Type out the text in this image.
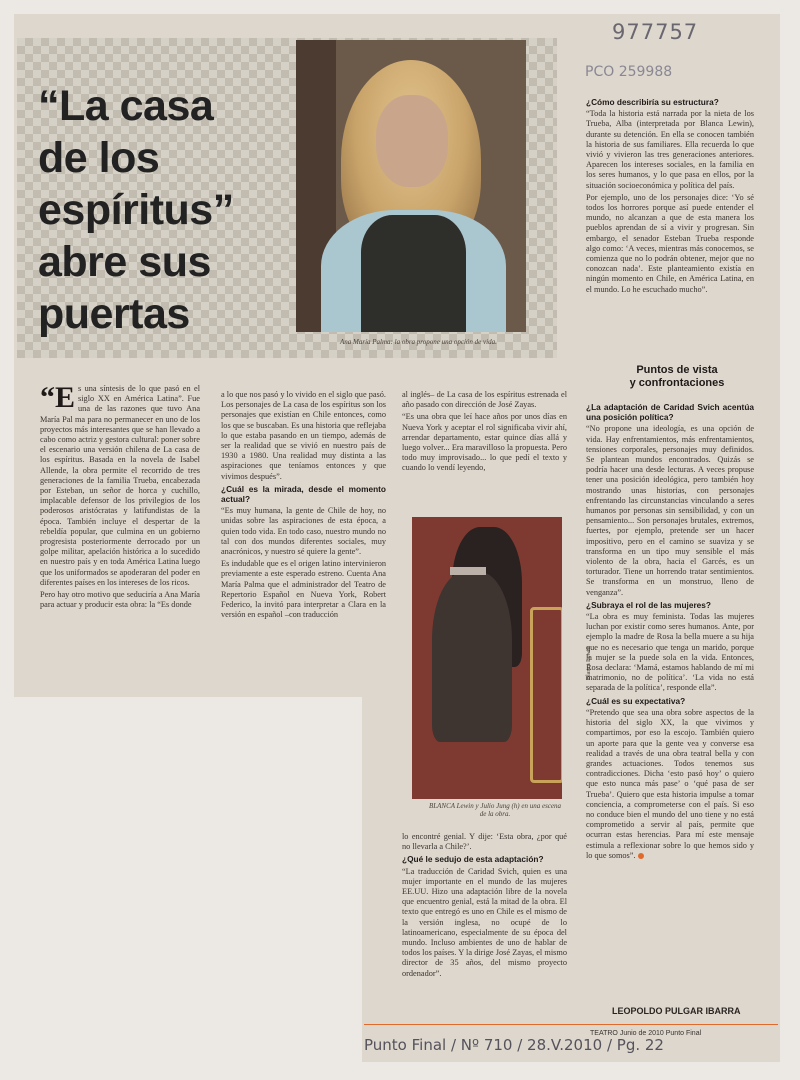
977757
PCO 259988
“La casa
de los
espíritus”
abre sus
puertas
Ana María Palma: la obra propone una opción de vida.

“Es una síntesis de lo que pasó en el siglo XX en América Latina”. Fue una de las razones que tuvo Ana María Pal ma para no permanecer en uno de los proyectos más interesantes que se han llevado a cabo como actriz y gestora cultural: poner sobre el escenario una versión chilena de La casa de los espíritus. Basada en la novela de Isabel Allende, la obra permite el recorrido de tres generaciones de la familia Trueba, encabezada por Esteban, un señor de horca y cuchillo, implacable defensor de los privilegios de los poderosos aristócratas y latifundistas de la época. También incluye el despertar de la rebeldía popular, que culmina en un gobierno progresista posteriormente derrocado por un golpe militar, apelación histórica a lo sucedido en nuestro país y en toda América Latina luego que los uniformados se apoderaran del poder en diferentes países en los intereses de los ricos.

Pero hay otro motivo que seduciría a Ana María para actuar y producir esta obra: la “Es donde

a lo que nos pasó y lo vivido en el siglo que pasó. Los personajes de La casa de los espíritus son los personajes que existían en Chile entonces, como los que se buscaban. Es una historia que reflejaba lo que estaba pasando en un tiempo, además de ser la realidad que se vivió en nuestro país de 1930 a 1980. Una realidad muy distinta a las aspiraciones que teníamos entonces y que vivimos después”.

¿Cuál es la mirada, desde el momento actual?

“Es muy humana, la gente de Chile de hoy, no unidas sobre las aspiraciones de esta época, a quien todo vida. En todo caso, nuestro mundo no tal con dos mundos diferentes sociales, muy anacrónicos, y nuestro sé quiere la gente”.

Es indudable que es el origen latino intervinieron previamente a este esperado estreno. Cuenta Ana María Palma que el administrador del Teatro de Repertorio Español en Nueva York, Robert Federico, la invitó para interpretar a Clara en la versión en español –con traducción

al inglés– de La casa de los espíritus estrenada el año pasado con dirección de José Zayas.

“Es una obra que leí hace años por unos días en Nueva York y aceptar el rol significaba vivir ahí, arrendar departamento, estar quince días allá y luego volver... Era maravilloso la propuesta. Pero todo muy improvisado... lo que pedí el texto y cuando lo vendí leyendo,

Blanca Lewin
BLANCA Lewin y Julio Jung (h) en una escena de la obra.

lo encontré genial. Y dije: ‘Esta obra, ¿por qué no llevarla a Chile?’.

¿Qué le sedujo de esta adaptación?

“La traducción de Caridad Svich, quien es una mujer importante en el mundo de las mujeres EE.UU. Hizo una adaptación libre de la novela que encuentro genial, está la mitad de la obra. El texto que entregó es uno en Chile es el mismo de la versión inglesa, no ocupé de lo latinoamericano, especialmente de su época del mundo. Incluso ambientes de uno de hablar de todos los países. Y la dirige José Zayas, el mismo director de 35 años, del mismo proyecto ordenador”.

¿Cómo describiría su estructura?

“Toda la historia está narrada por la nieta de los Trueba, Alba (interpretada por Blanca Lewin), durante su detención. En ella se conocen también la historia de sus familiares. Ella recuerda lo que vivió y vivieron las tres generaciones anteriores. Aparecen los intereses sociales, en la familia en los seres humanos, y lo que pasa en ellos, por la situación socioeconómica y política del país.

Por ejemplo, uno de los personajes dice: ‘Yo sé todos los horrores porque así puede entender el mundo, no alcanzan a que de esta manera los pueblos aprendan de sí a vivir y progresan. Sin embargo, el senador Esteban Trueba responde algo como: ‘A veces, mientras más conocemos, se comienza que no lo podrán obtener, mejor que no conozcan nada’. Este planteamiento existía en ningún momento en Chile, en América Latina, en el mundo. Lo he escuchado mucho”.

Puntos de vista
y confrontaciones

¿La adaptación de Caridad Svich acentúa una posición política?

“No propone una ideología, es una opción de vida. Hay enfrentamientos, más enfrentamientos, tensiones corporales, personajes muy definidos. Se plantean mundos encontrados. Quizás se podría hacer una desde lecturas. A veces propuse tener una posición ideológica, pero también hoy mostrando unas historias, con personajes enfrentando las circunstancias vinculando a seres humanos por personas sin sensibilidad, y con un pensamiento... Son personajes brutales, extremos, fuertes, por ejemplo, pretende ser un hacer impositivo, pero en el camino se suaviza y se transforma en un tipo muy sensible el más violento de la obra, hacia el Garcés, es un torturador. Tiene un horrendo tratar sentimientos. Se transforma en un monstruo, lleno de venganza”.

¿Subraya el rol de las mujeres?

“La obra es muy feminista. Todas las mujeres luchan por existir como seres humanos. Ante, por ejemplo la madre de Rosa la bella muere a su hija que no es necesario que tenga un marido, porque la mujer se la puede sola en la vida. Entonces, Rosa declara: ‘Mamá, estamos hablando de mí mi matrimonio, no de política’. ‘La vida no está separada de la política’, responde ella”.

¿Cuál es su expectativa?

“Pretendo que sea una obra sobre aspectos de la historia del siglo XX, la que vivimos y compartimos, por eso la escojo. También quiero un aporte para que la gente vea y converse esa realidad a través de una obra teatral bella y con grandes actuaciones. Todos tenemos sus contradicciones. Dicha ‘esto pasó hoy’ o quiero que esto nunca más pase’ o ‘qué pasa de ser Trueba’. Quiero que esta historia impulse a tomar conciencia, a comprometerse con el país. Si eso no conduce bien el mundo del uno tiene y no está comprometido a servir al país, permite que ocurran estas herencias. Para mí este mensaje estimula a reflexionar sobre lo que hemos sido y lo que somos”.

LEOPOLDO PULGAR IBARRA
TEATRO Junio de 2010 Punto Final
Punto Final / Nº 710 / 28.V.2010 / Pg. 22
